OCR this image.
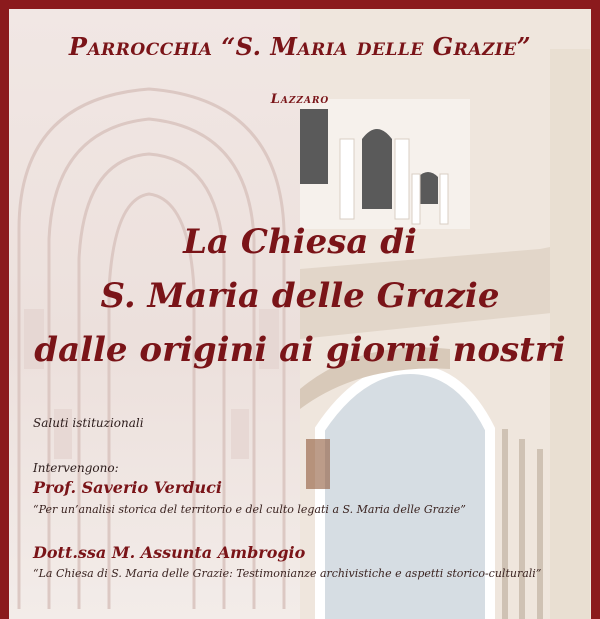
Parrocchia “S. Maria delle Grazie”
Lazzaro
La Chiesa di
S. Maria delle Grazie
dalle origini ai giorni nostri
Saluti istituzionali
Intervengono:
Prof. Saverio Verduci
“Per un’analisi storica del territorio e del culto legati a S. Maria delle Grazie”
Dott.ssa M. Assunta Ambrogio
“La Chiesa di S. Maria delle Grazie: Testimonianze archivistiche e aspetti storico-culturali”
